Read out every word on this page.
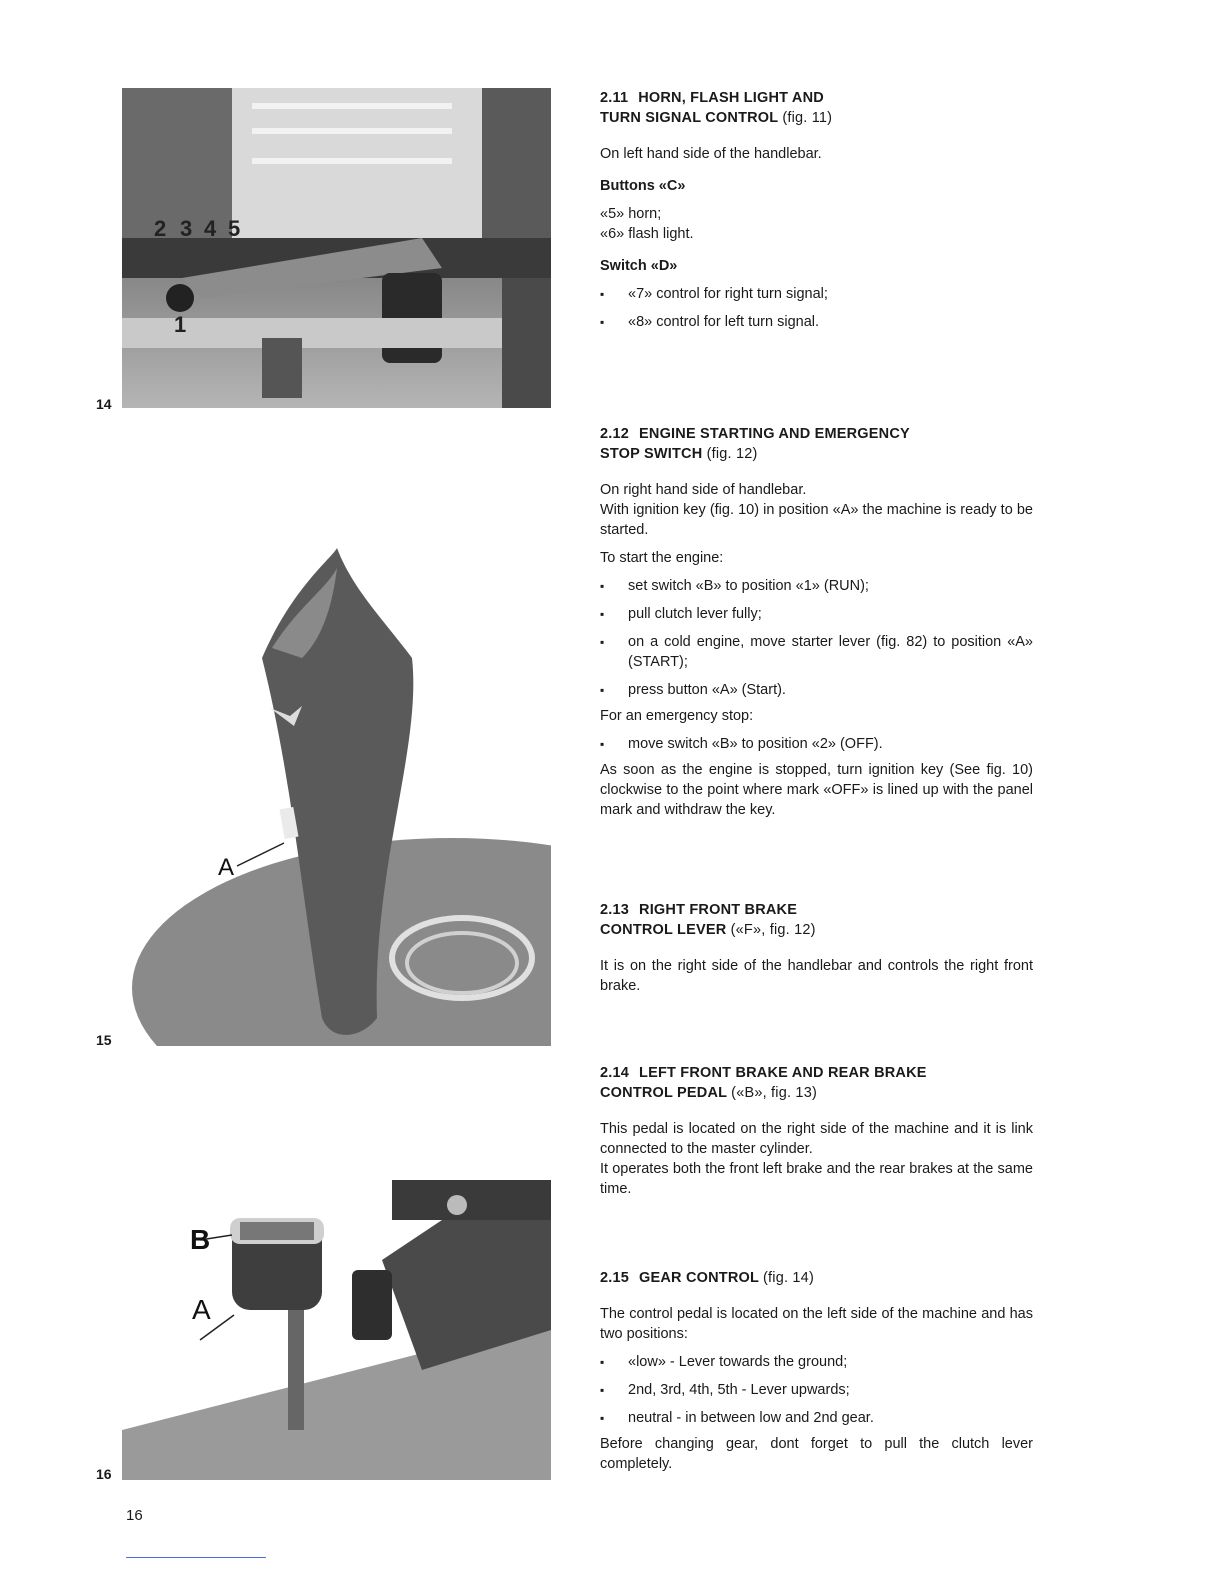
2 3 4 5
1
14
A
15
B
A
16
2.11 HORN, FLASH LIGHT AND
TURN SIGNAL CONTROL (fig. 11)

On left hand side of the handlebar.

Buttons «C»

«5» horn;

«6» flash light.

Switch «D»

▪ «7» control for right turn signal;
▪ «8» control for left turn signal.
2.12 ENGINE STARTING AND EMERGENCY
STOP SWITCH (fig. 12)

On right hand side of handlebar.

With ignition key (fig. 10) in position «A» the machine is ready to be started.

To start the engine:

▪ set switch «B» to position «1» (RUN);
▪ pull clutch lever fully;
▪ on a cold engine, move starter lever (fig. 82) to position «A» (START);
▪ press button «A» (Start).

For an emergency stop:

▪ move switch «B» to position «2» (OFF).

As soon as the engine is stopped, turn ignition key (See fig. 10) clockwise to the point where mark «OFF» is lined up with the panel mark and withdraw the key.

2.13 RIGHT FRONT BRAKE
CONTROL LEVER («F», fig. 12)

It is on the right side of the handlebar and controls the right front brake.

2.14 LEFT FRONT BRAKE AND REAR BRAKE
CONTROL PEDAL («B», fig. 13)

This pedal is located on the right side of the machine and it is link connected to the master cylinder.

It operates both the front left brake and the rear brakes at the same time.

2.15 GEAR CONTROL (fig. 14)

The control pedal is located on the left side of the machine and has two positions:

▪ «low» - Lever towards the ground;
▪ 2nd, 3rd, 4th, 5th - Lever upwards;
▪ neutral - in between low and 2nd gear.

Before changing gear, dont forget to pull the clutch lever completely.

16
